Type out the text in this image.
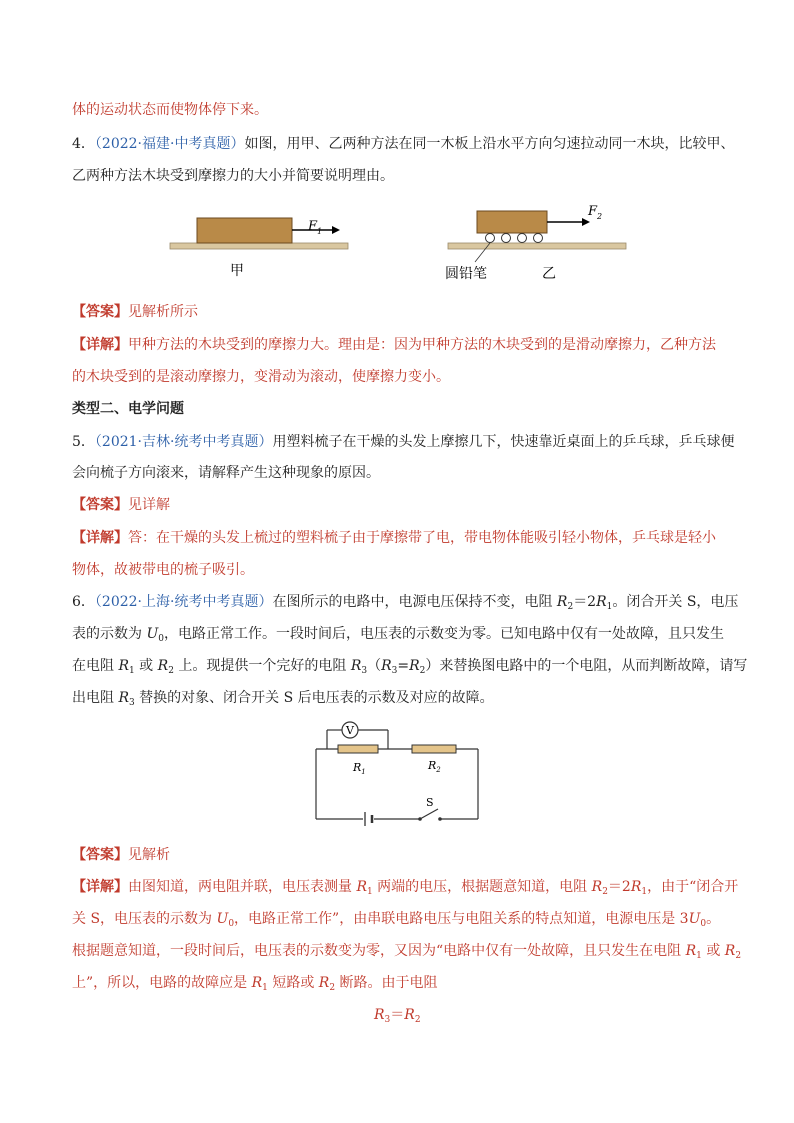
体的运动状态而使物体停下来。
4．（2022·福建·中考真题）如图，用甲、乙两种方法在同一木板上沿水平方向匀速拉动同一木块，比较甲、
乙两种方法木块受到摩擦力的大小并简要说明理由。
$F_1$
甲
$F_2$
圆铅笔	乙
【答案】见解析所示
【详解】甲种方法的木块受到的摩擦力大。理由是：因为甲种方法的木块受到的是滑动摩擦力，乙种方法
的木块受到的是滚动摩擦力，变滑动为滚动，使摩擦力变小。
类型二、电学问题
5．（2021·吉林·统考中考真题）用塑料梳子在干燥的头发上摩擦几下，快速靠近桌面上的乒乓球，乒乓球便
会向梳子方向滚来，请解释产生这种现象的原因。
【答案】见详解
【详解】答：在干燥的头发上梳过的塑料梳子由于摩擦带了电，带电物体能吸引轻小物体，乒乓球是轻小
物体，故被带电的梳子吸引。
6．（2022·上海·统考中考真题）在图所示的电路中，电源电压保持不变，电阻 $R_2=2R_1$。闭合开关 S，电压
表的示数为 $U_0$，电路正常工作。一段时间后，电压表的示数变为零。已知电路中仅有一处故障，且只发生
在电阻 $R_1$ 或 $R_2$ 上。现提供一个完好的电阻 $R_3(R_3=R_2)$来替换图电路中的一个电阻，从而判断故障，请写
出电阻 $R_3$ 替换的对象、闭合开关 S 后电压表的示数及对应的故障。
V
$R_1$	$R_2$
S
【答案】见解析
【详解】由图知道，两电阻并联，电压表测量 $R_1$ 两端的电压，根据题意知道，电阻 $R_2=2R_1$，由于“闭合开
关 S，电压表的示数为 $U_0$，电路正常工作”，由串联电路电压与电阻关系的特点知道，电源电压是 $3U_0$。
根据题意知道，一段时间后，电压表的示数变为零，又因为“电路中仅有一处故障，且只发生在电阻 $R_1$ 或 $R_2$
上”，所以，电路的故障应是 $R_1$ 短路或 $R_2$ 断路。由于电阻
$R_3=R_2$
